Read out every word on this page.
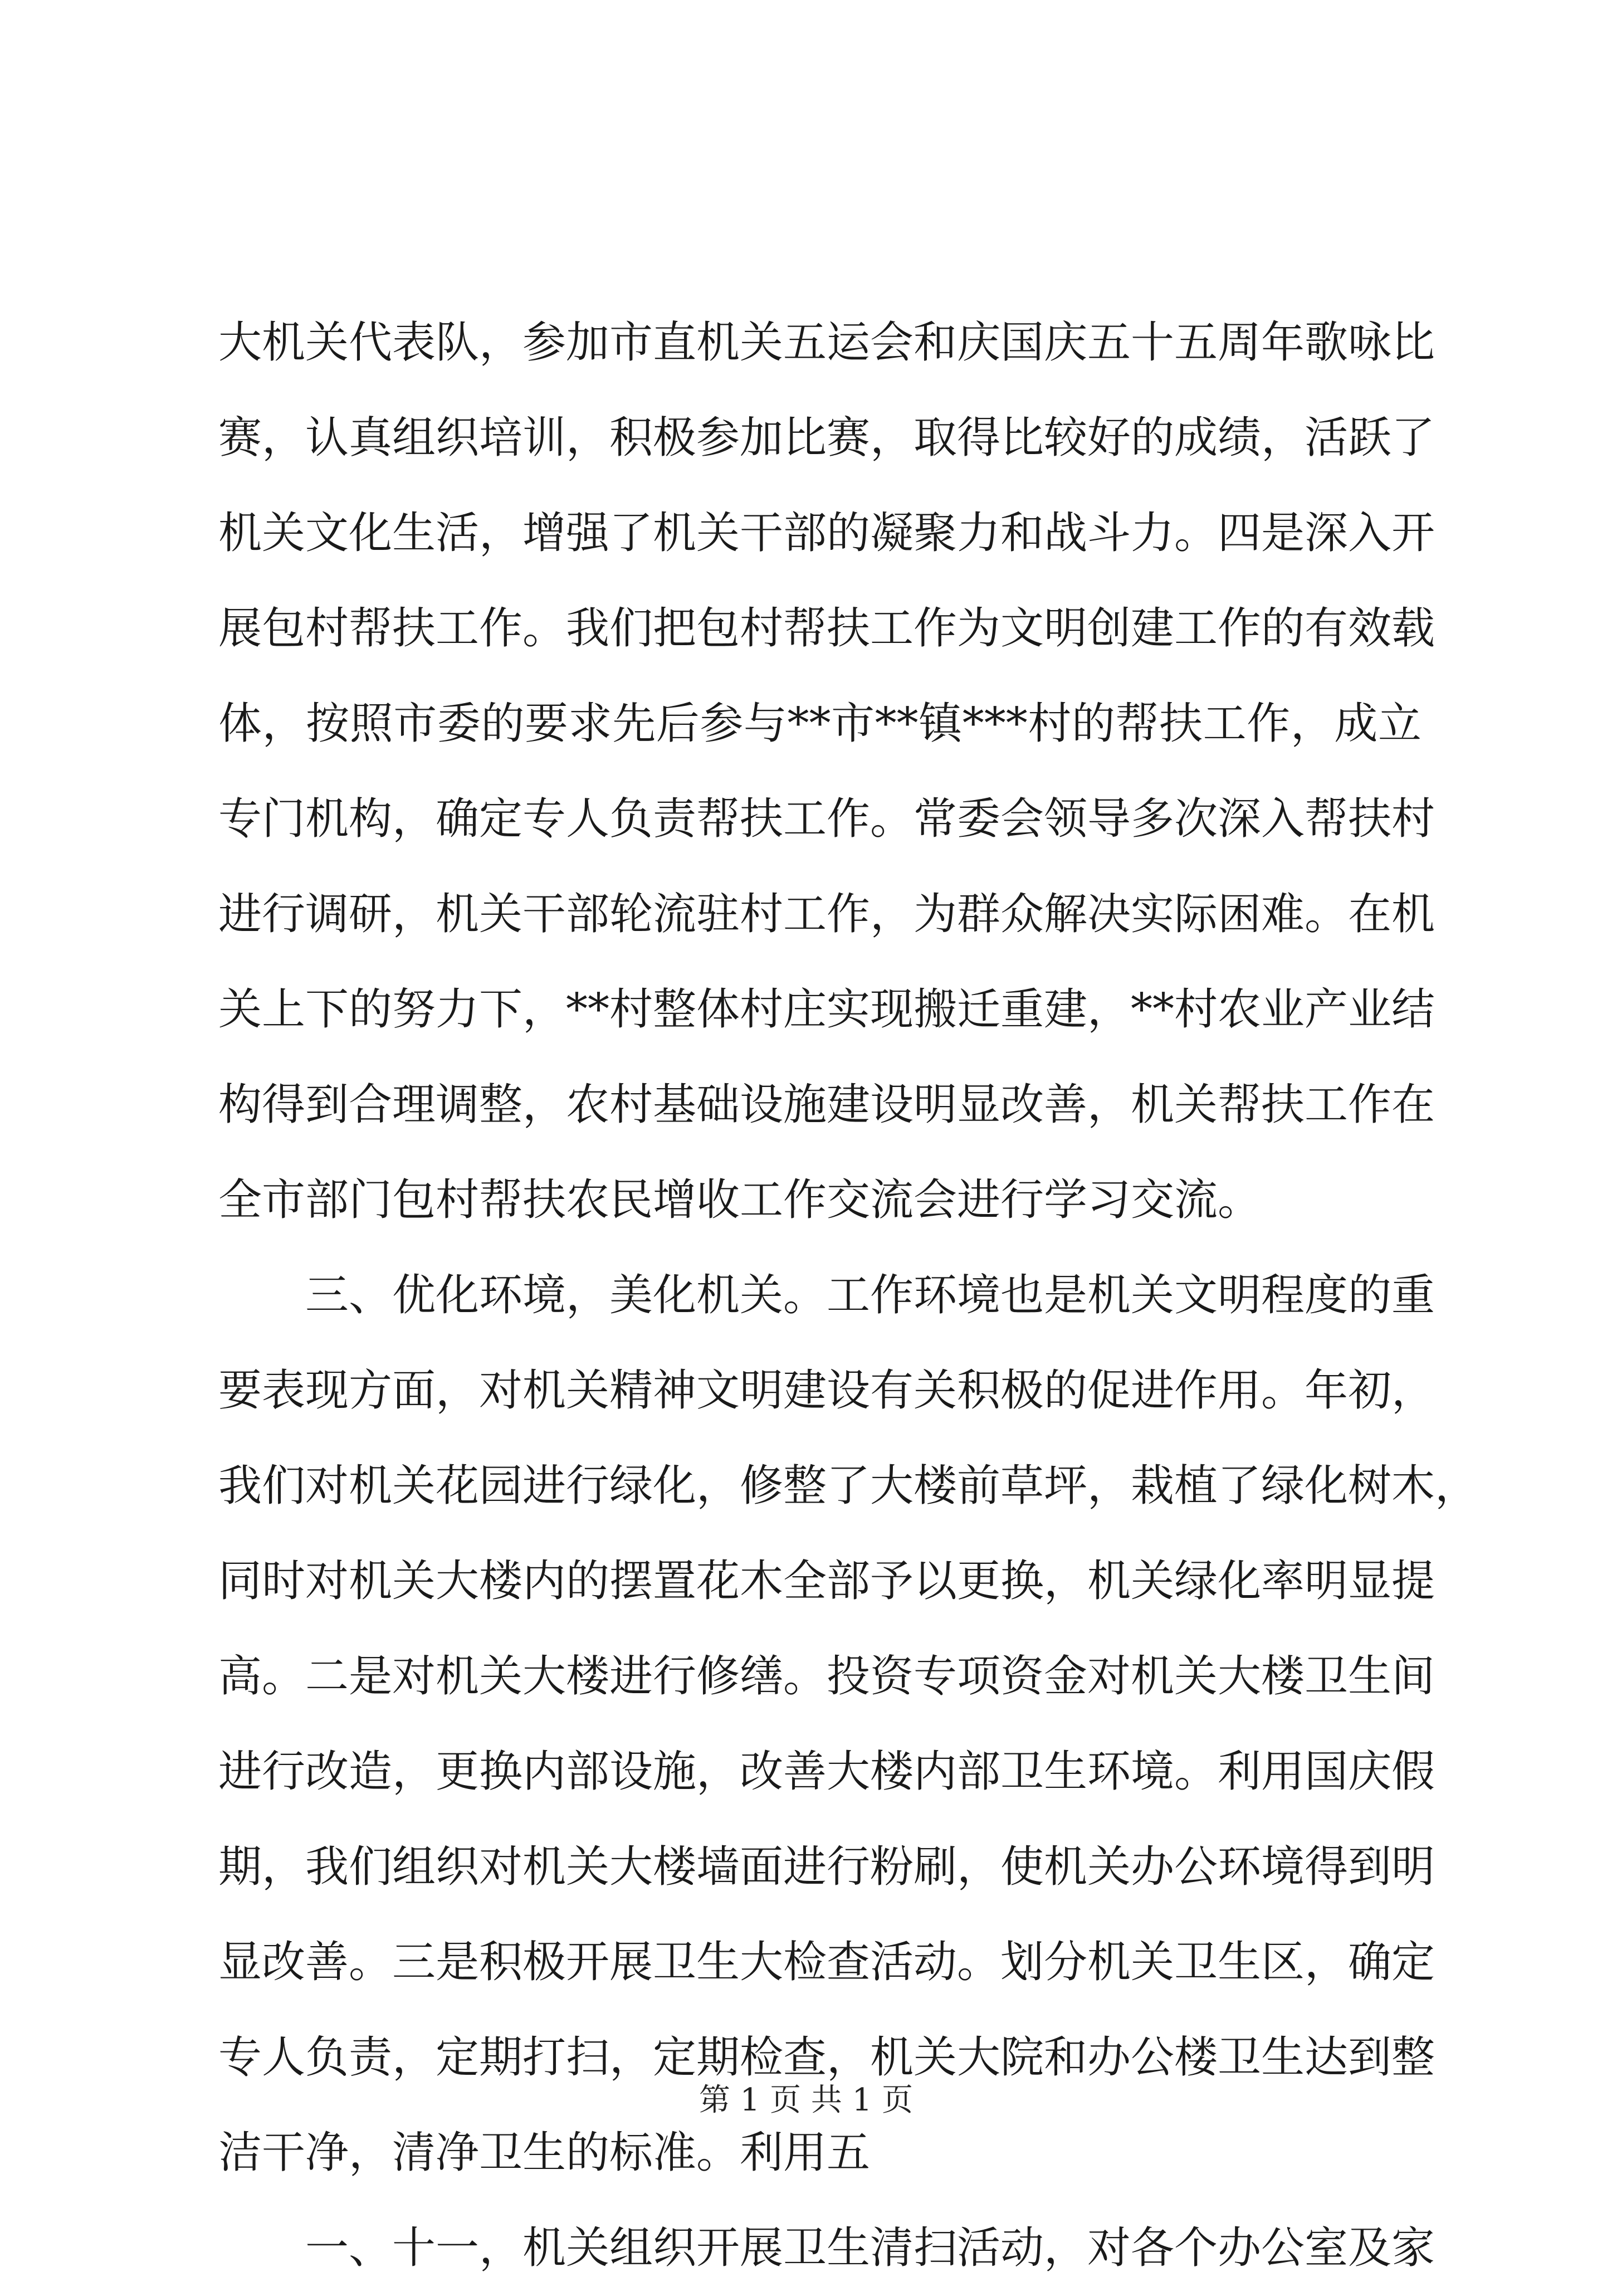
大机关代表队，参加市直机关五运会和庆国庆五十五周年歌咏比
赛，认真组织培训，积极参加比赛，取得比较好的成绩，活跃了
机关文化生活，增强了机关干部的凝聚力和战斗力。四是深入开
展包村帮扶工作。我们把包村帮扶工作为文明创建工作的有效载
体，按照市委的要求先后参与**市**镇***村的帮扶工作，成立
专门机构，确定专人负责帮扶工作。常委会领导多次深入帮扶村
进行调研，机关干部轮流驻村工作，为群众解决实际困难。在机
关上下的努力下，**村整体村庄实现搬迁重建，**村农业产业结
构得到合理调整，农村基础设施建设明显改善，机关帮扶工作在
全市部门包村帮扶农民增收工作交流会进行学习交流。
　　三、优化环境，美化机关。工作环境也是机关文明程度的重
要表现方面，对机关精神文明建设有关积极的促进作用。年初，
我们对机关花园进行绿化，修整了大楼前草坪，栽植了绿化树木，
同时对机关大楼内的摆置花木全部予以更换，机关绿化率明显提
高。二是对机关大楼进行修缮。投资专项资金对机关大楼卫生间
进行改造，更换内部设施，改善大楼内部卫生环境。利用国庆假
期，我们组织对机关大楼墙面进行粉刷，使机关办公环境得到明
显改善。三是积极开展卫生大检查活动。划分机关卫生区，确定
专人负责，定期打扫，定期检查，机关大院和办公楼卫生达到整
洁干净，清净卫生的标准。利用五
　　一、十一，机关组织开展卫生清扫活动，对各个办公室及家
第 1 页 共 1 页
